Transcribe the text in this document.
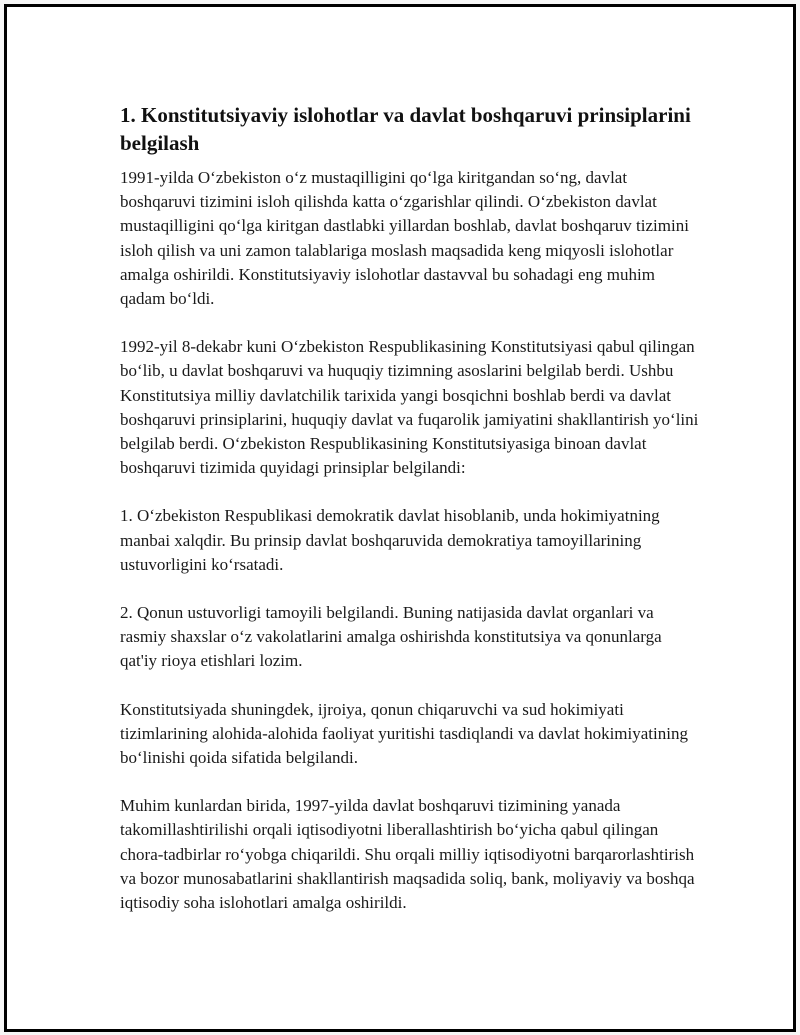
1. Konstitutsiyaviy islohotlar va davlat boshqaruvi prinsiplarini belgilash

1991-yilda O‘zbekiston o‘z mustaqilligini qo‘lga kiritgandan so‘ng, davlat boshqaruvi tizimini isloh qilishda katta o‘zgarishlar qilindi. O‘zbekiston davlat mustaqilligini qo‘lga kiritgan dastlabki yillardan boshlab, davlat boshqaruv tizimini isloh qilish va uni zamon talablariga moslash maqsadida keng miqyosli islohotlar amalga oshirildi. Konstitutsiyaviy islohotlar dastavval bu sohadagi eng muhim qadam bo‘ldi.

1992-yil 8-dekabr kuni O‘zbekiston Respublikasining Konstitutsiyasi qabul qilingan bo‘lib, u davlat boshqaruvi va huquqiy tizimning asoslarini belgilab berdi. Ushbu Konstitutsiya milliy davlatchilik tarixida yangi bosqichni boshlab berdi va davlat boshqaruvi prinsiplarini, huquqiy davlat va fuqarolik jamiyatini shakllantirish yo‘lini belgilab berdi. O‘zbekiston Respublikasining Konstitutsiyasiga binoan davlat boshqaruvi tizimida quyidagi prinsiplar belgilandi:

1. O‘zbekiston Respublikasi demokratik davlat hisoblanib, unda hokimiyatning manbai xalqdir. Bu prinsip davlat boshqaruvida demokratiya tamoyillarining ustuvorligini ko‘rsatadi.

2. Qonun ustuvorligi tamoyili belgilandi. Buning natijasida davlat organlari va rasmiy shaxslar o‘z vakolatlarini amalga oshirishda konstitutsiya va qonunlarga qat'iy rioya etishlari lozim.

Konstitutsiyada shuningdek, ijroiya, qonun chiqaruvchi va sud hokimiyati tizimlarining alohida-alohida faoliyat yuritishi tasdiqlandi va davlat hokimiyatining bo‘linishi qoida sifatida belgilandi.

Muhim kunlardan birida, 1997-yilda davlat boshqaruvi tizimining yanada takomillashtirilishi orqali iqtisodiyotni liberallashtirish bo‘yicha qabul qilingan chora-tadbirlar ro‘yobga chiqarildi. Shu orqali milliy iqtisodiyotni barqarorlashtirish va bozor munosabatlarini shakllantirish maqsadida soliq, bank, moliyaviy va boshqa iqtisodiy soha islohotlari amalga oshirildi.
